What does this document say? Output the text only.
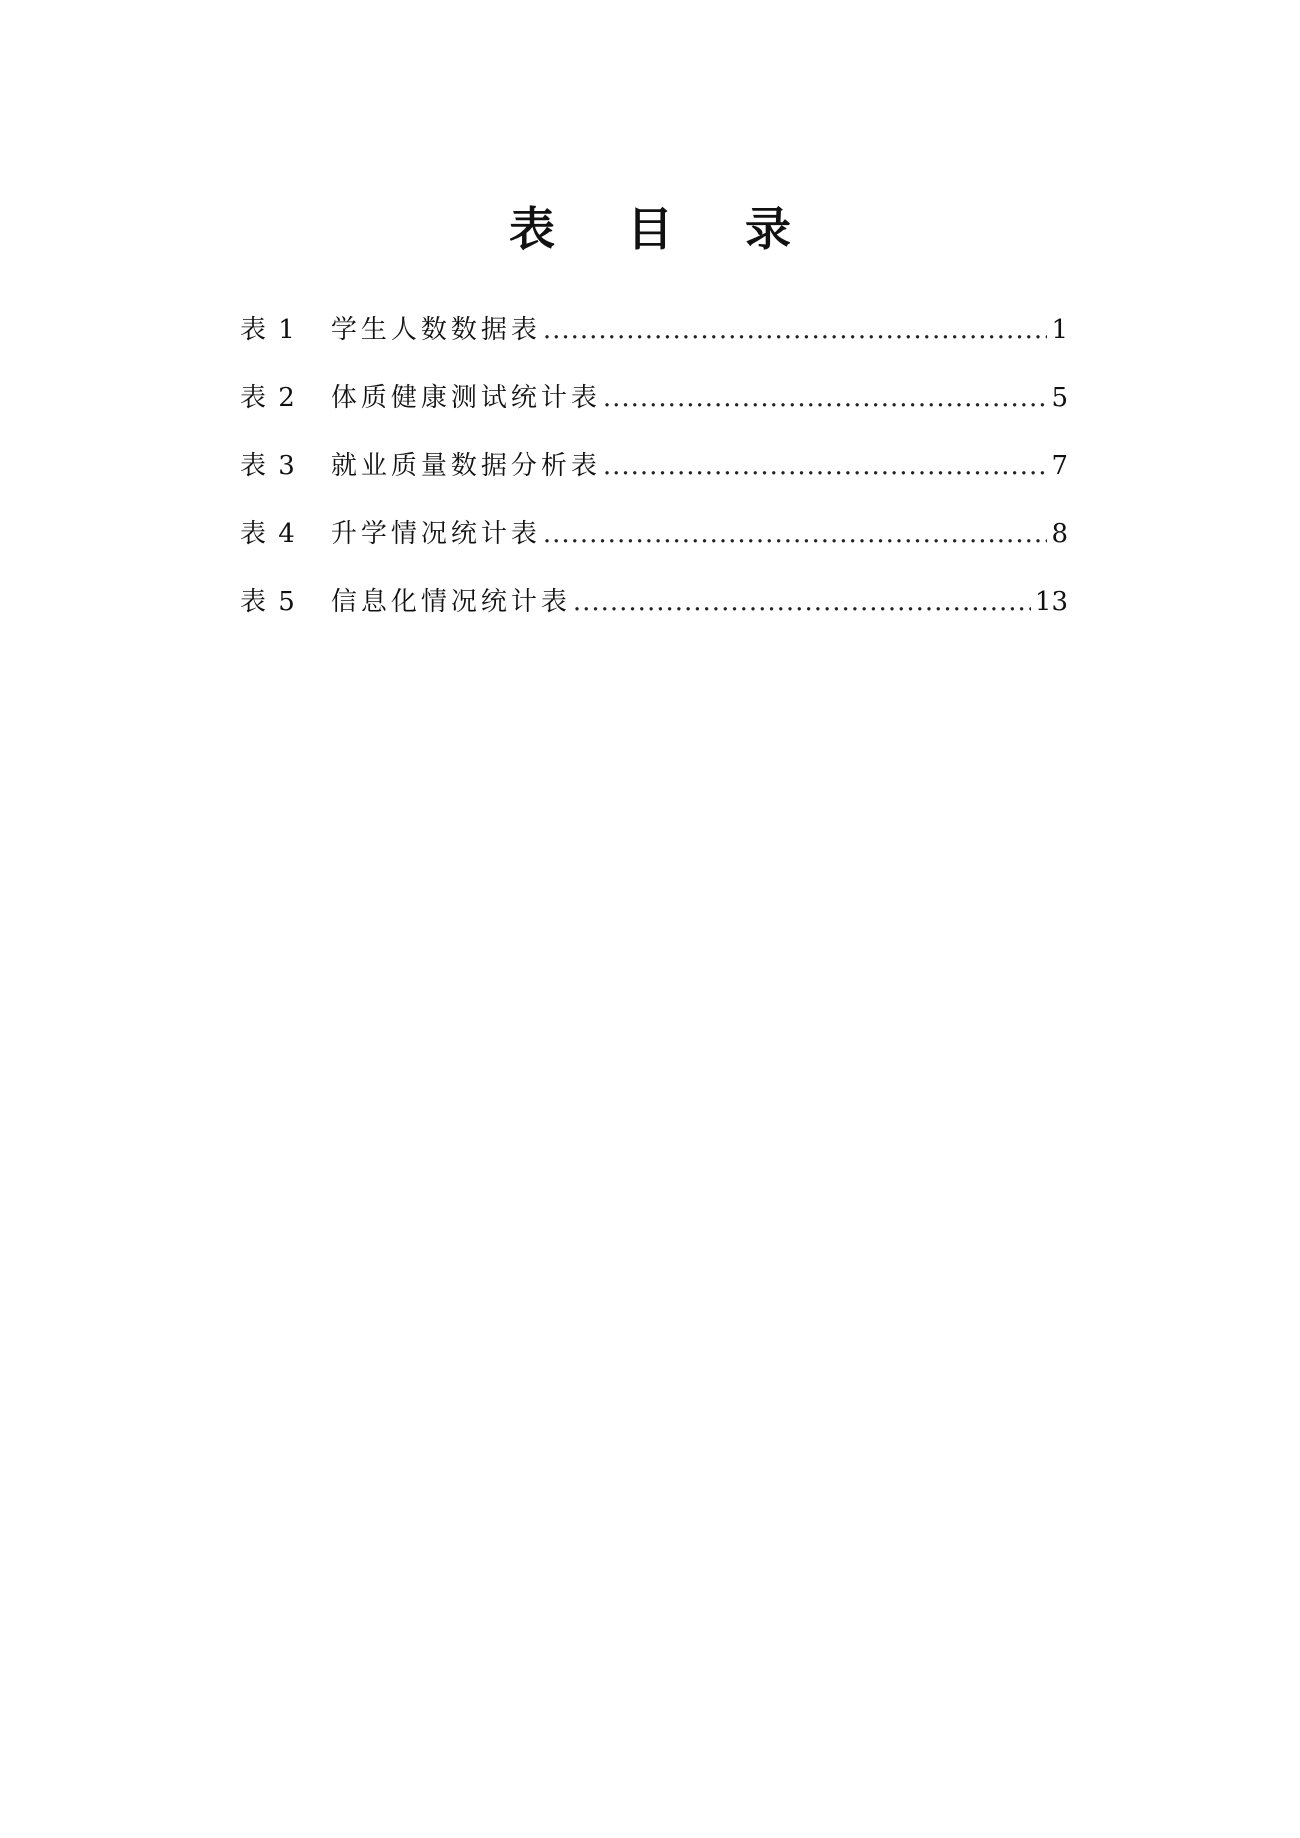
表 目 录
表 1 学生人数数据表 .....	1
表 2 体质健康测试统计表 .....	5
表 3 就业质量数据分析表 .....	7
表 4 升学情况统计表 .....	8
表 5 信息化情况统计表 .....	13
